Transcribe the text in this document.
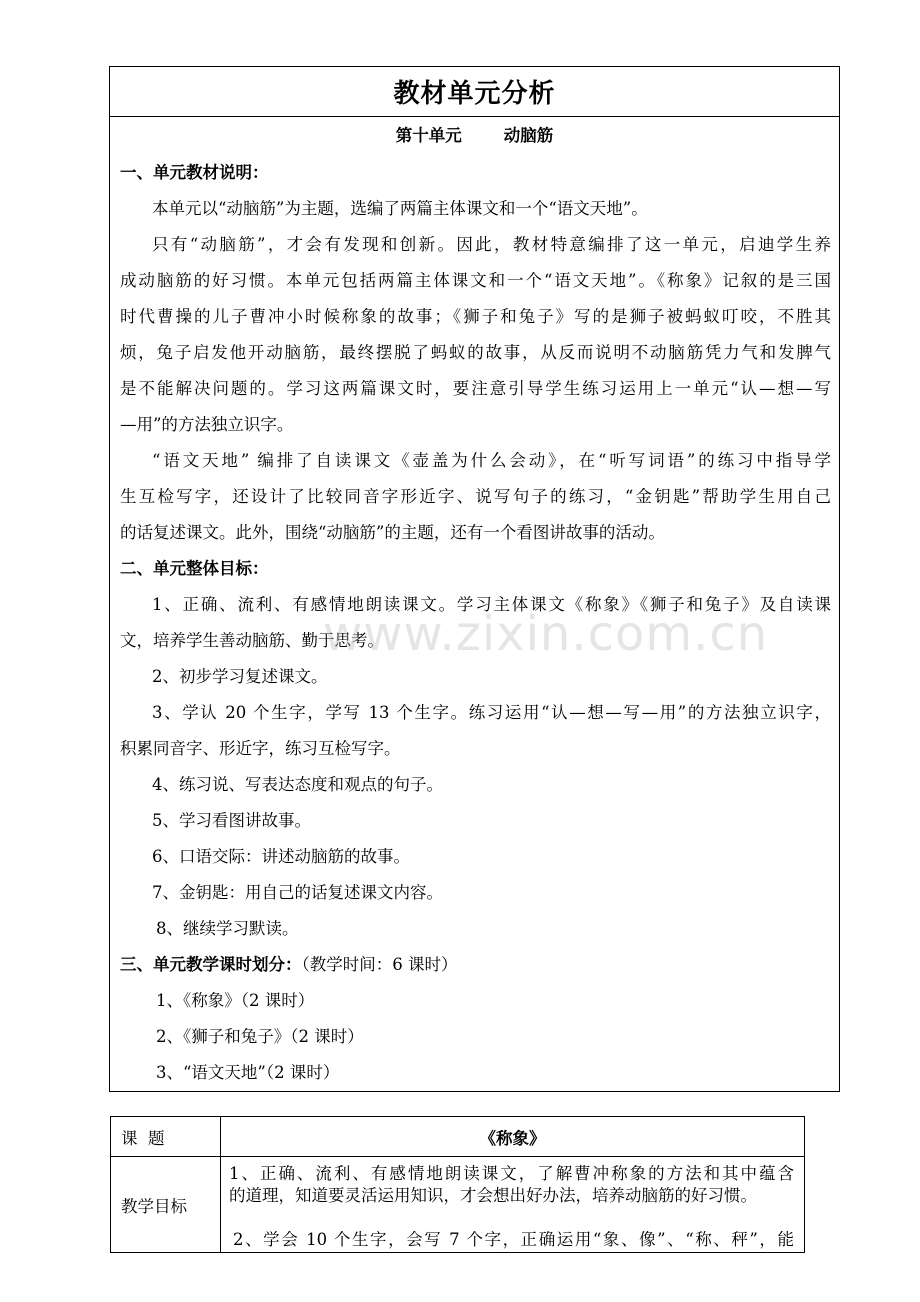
教材单元分析
第十单元	动脑筋
一、单元教材说明：
本单元以“动脑筋”为主题，选编了两篇主体课文和一个“语文天地”。
只有“动脑筋”，才会有发现和创新。因此，教材特意编排了这一单元，启迪学生养
成动脑筋的好习惯。本单元包括两篇主体课文和一个“语文天地”。《称象》记叙的是三国
时代曹操的儿子曹冲小时候称象的故事；《狮子和兔子》写的是狮子被蚂蚁叮咬，不胜其
烦，兔子启发他开动脑筋，最终摆脱了蚂蚁的故事，从反而说明不动脑筋凭力气和发脾气
是不能解决问题的。学习这两篇课文时，要注意引导学生练习运用上一单元“认—想—写
—用”的方法独立识字。
“语文天地” 编排了自读课文《壶盖为什么会动》，在“听写词语”的练习中指导学
生互检写字，还设计了比较同音字形近字、说写句子的练习，“金钥匙”帮助学生用自己
的话复述课文。此外，围绕“动脑筋”的主题，还有一个看图讲故事的活动。
二、单元整体目标：
1、正确、流利、有感情地朗读课文。学习主体课文《称象》《狮子和兔子》及自读课
文，培养学生善动脑筋、勤于思考。
2、初步学习复述课文。
3、学认 20 个生字，学写 13 个生字。练习运用“认—想—写—用”的方法独立识字，
积累同音字、形近字，练习互检写字。
4、练习说、写表达态度和观点的句子。
5、学习看图讲故事。
6、口语交际：讲述动脑筋的故事。
7、金钥匙：用自己的话复述课文内容。
8、继续学习默读。
三、单元教学课时划分：（教学时间：6 课时）
1、《称象》（2 课时）
2、《狮子和兔子》（2 课时）
3、“语文天地”（2 课时）
www.zixin.com.cn
课  题	《称象》
教学目标	1、正确、流利、有感情地朗读课文，了解曹冲称象的方法和其中蕴含
的道理，知道要灵活运用知识，才会想出好办法，培养动脑筋的好习惯。
2、学会 10 个生字，会写 7 个字，正确运用“象、像”、“称、秤”，能
